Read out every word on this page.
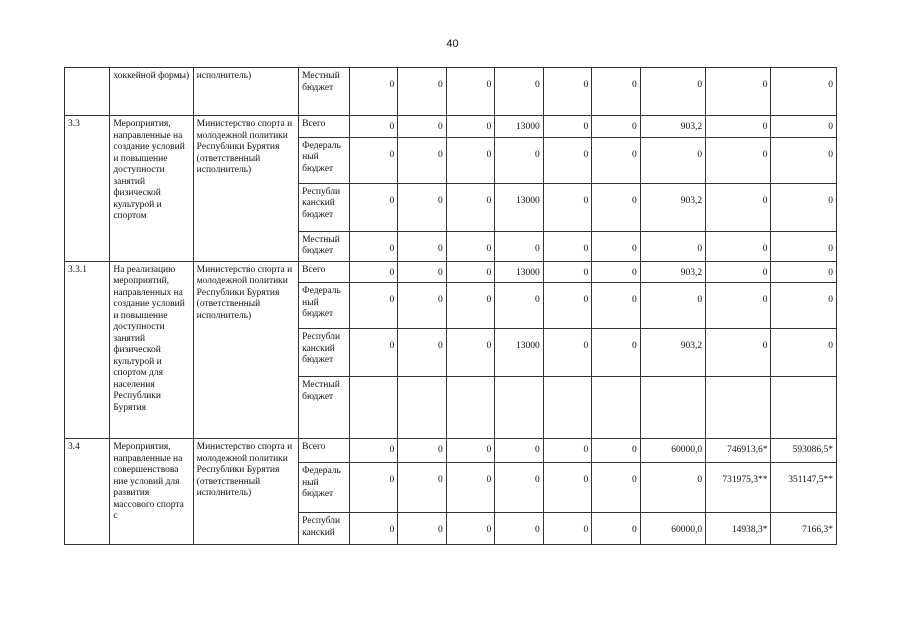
40
	хоккейной формы)	исполнитель)	Местный бюджет	0	0	0	0	0	0	0	0	0
3.3	Мероприятия, направленные на создание условий и повышение доступности занятий физической культурой и спортом	Министерство спорта и молодежной политики Республики Бурятия (ответственный исполнитель)	Всего	0	0	0	13000	0	0	903,2	0	0
			Федераль ный бюджет	0	0	0	0	0	0	0	0	0
			Республи канский бюджет	0	0	0	13000	0	0	903,2	0	0
			Местный бюджет	0	0	0	0	0	0	0	0	0
3.3.1	На реализацию мероприятий, направленных на создание условий и повышение доступности занятий физической культурой и спортом для населения Республики Бурятия	Министерство спорта и молодежной политики Республики Бурятия (ответственный исполнитель)	Всего	0	0	0	13000	0	0	903,2	0	0
			Федераль ный бюджет	0	0	0	0	0	0	0	0	0
			Республи канский бюджет	0	0	0	13000	0	0	903,2	0	0
			Местный бюджет									
3.4	Мероприятия, направленные на совершенствова ние условий для развития массового спорта с	Министерство спорта и молодежной политики Республики Бурятия (ответственный исполнитель)	Всего	0	0	0	0	0	0	60000,0	746913,6*	593086,5*
			Федераль ный бюджет	0	0	0	0	0	0	0	731975,3**	351147,5**
			Республи канский	0	0	0	0	0	0	60000,0	14938,3*	7166,3*
